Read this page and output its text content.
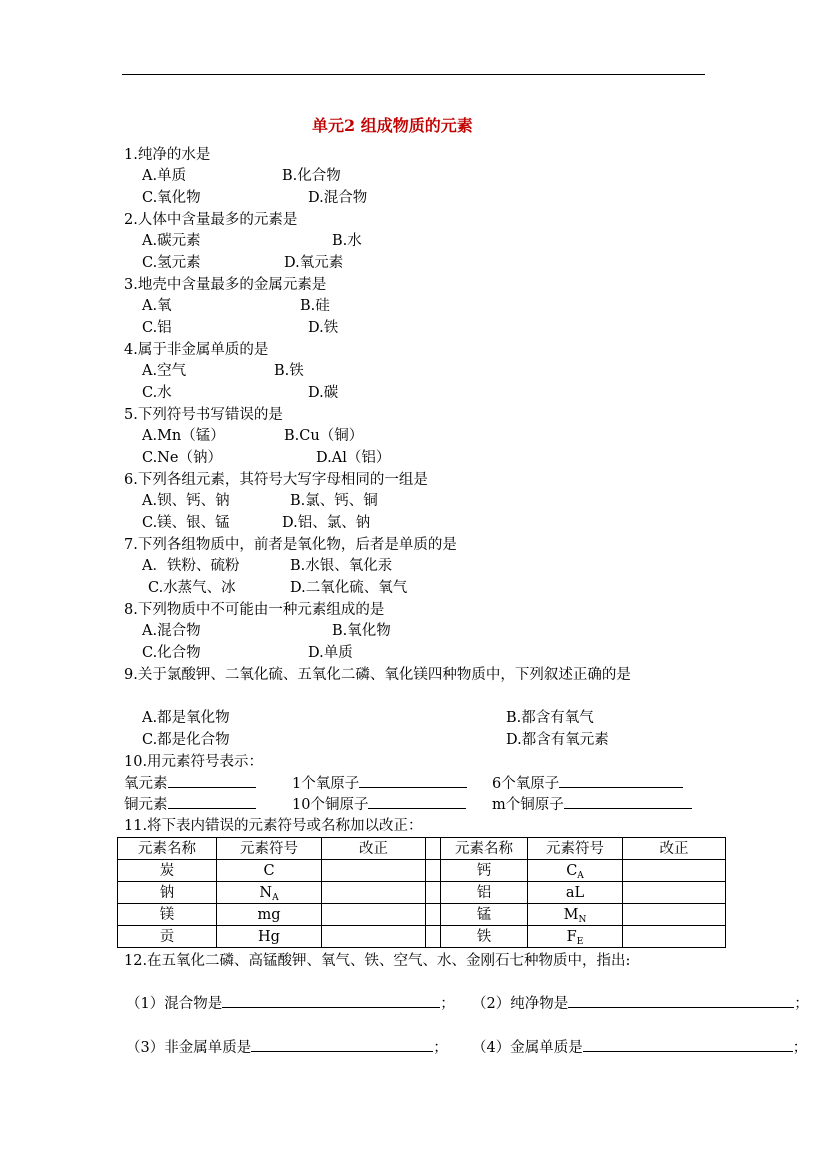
单元2 组成物质的元素
1.纯净的水是
A.单质	B.化合物
C.氧化物	D.混合物
2.人体中含量最多的元素是
A.碳元素	B.水
C.氢元素	D.氧元素
3.地壳中含量最多的金属元素是
A.氧	B.硅
C.铝	D.铁
4.属于非金属单质的是
A.空气	B.铁
C.水	D.碳
5.下列符号书写错误的是
A.Mn（锰）	B.Cu（铜）
C.Ne（钠）	D.Al（铝）
6.下列各组元素，其符号大写字母相同的一组是
A.钡、钙、钠	B.氯、钙、铜
C.镁、银、锰	D.铝、氯、钠
7.下列各组物质中，前者是氧化物，后者是单质的是
A．铁粉、硫粉	B.水银、氧化汞
C.水蒸气、冰	D.二氧化硫、氧气
8.下列物质中不可能由一种元素组成的是
A.混合物	B.氧化物
C.化合物	D.单质
9.关于氯酸钾、二氧化硫、五氧化二磷、氧化镁四种物质中，下列叙述正确的是
A.都是氧化物	B.都含有氧气
C.都是化合物	D.都含有氧元素
10.用元素符号表示：
氧元素	1个氧原子	6个氧原子
铜元素	10个铜原子	m个铜原子
11.将下表内错误的元素符号或名称加以改正：
元素名称	元素符号	改正		元素名称	元素符号	改正
炭	C			钙	$C_A$	
钠	$N_A$			铝	aL	
镁	mg			锰	$M_N$	
贡	Hg			铁	$F_E$	
12.在五氧化二磷、高锰酸钾、氧气、铁、空气、水、金刚石七种物质中，指出:
（1）混合物是	； （2）纯净物是	；
（3）非金属单质是	； （4）金属单质是	；
